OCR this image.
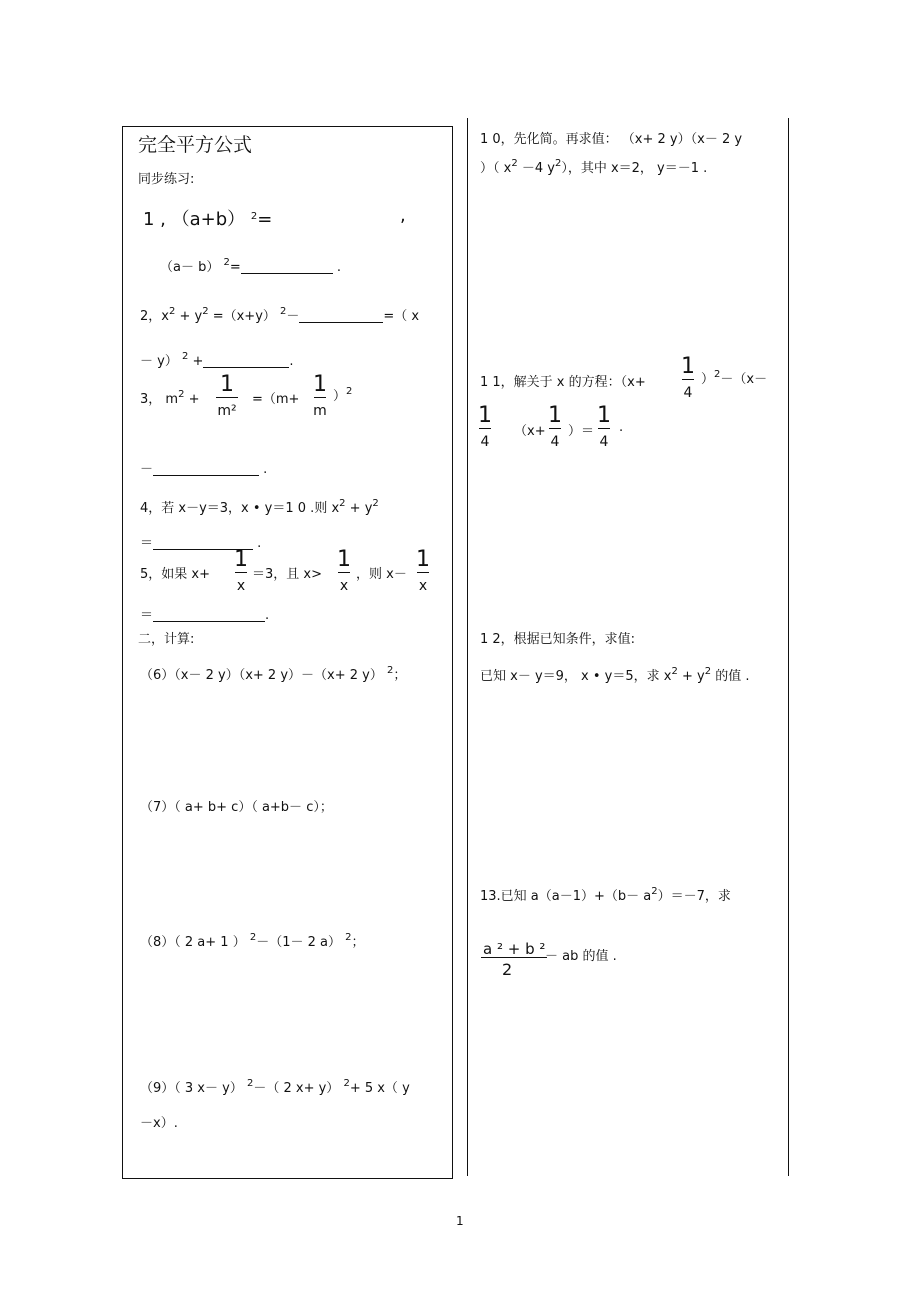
完全平方公式
同步练习:
1 , （a+b） $^2$=	,
（a－ b） $^2$=	.
2，$x^2 + y^2 =(x+y)$ $^2$－	=（ x
－ y） $^2$ +	.
3， $m^2$ +
1
m²
=（m+
1
m
）$^2$
－	.
4，若 x－y＝3，x • y＝1 0 .则 $x^2 + y^2$
＝	.
5，如果 x+
1
x
＝3，且 x>
1
x
，则 x－
1
x
＝	.
二，计算:
（6）（x－ 2 y）（x+ 2 y）－（x+ 2 y） $^2$；
（7）（ a+ b+ c）（ a+b－ c）；
（8）（ 2 a+ 1 ） $^2$－（1－ 2 a） $^2$；
（9）（ 3 x－ y） $^2$－（ 2 x+ y） $^2$+ 5 x（ y
－x）.
1 0，先化简。再求值： （x+ 2 y）（x－ 2 y
）（ $x^2 -4$ $y^2$），其中 x＝2， y＝－1 .
1 1，解关于 x 的方程：（x+
1
4
）$^2$－（x－
1
4
（x+
1
4
）＝
1
4
.
1 2，根据已知条件，求值:
已知 x－ y＝9， x • y＝5，求 $x^2 + y^2$ 的值 .
13.已知 $a(a-1)+(b- a^2)=-7$，求
a ² + b ²
2
－ ab 的值 .
1
